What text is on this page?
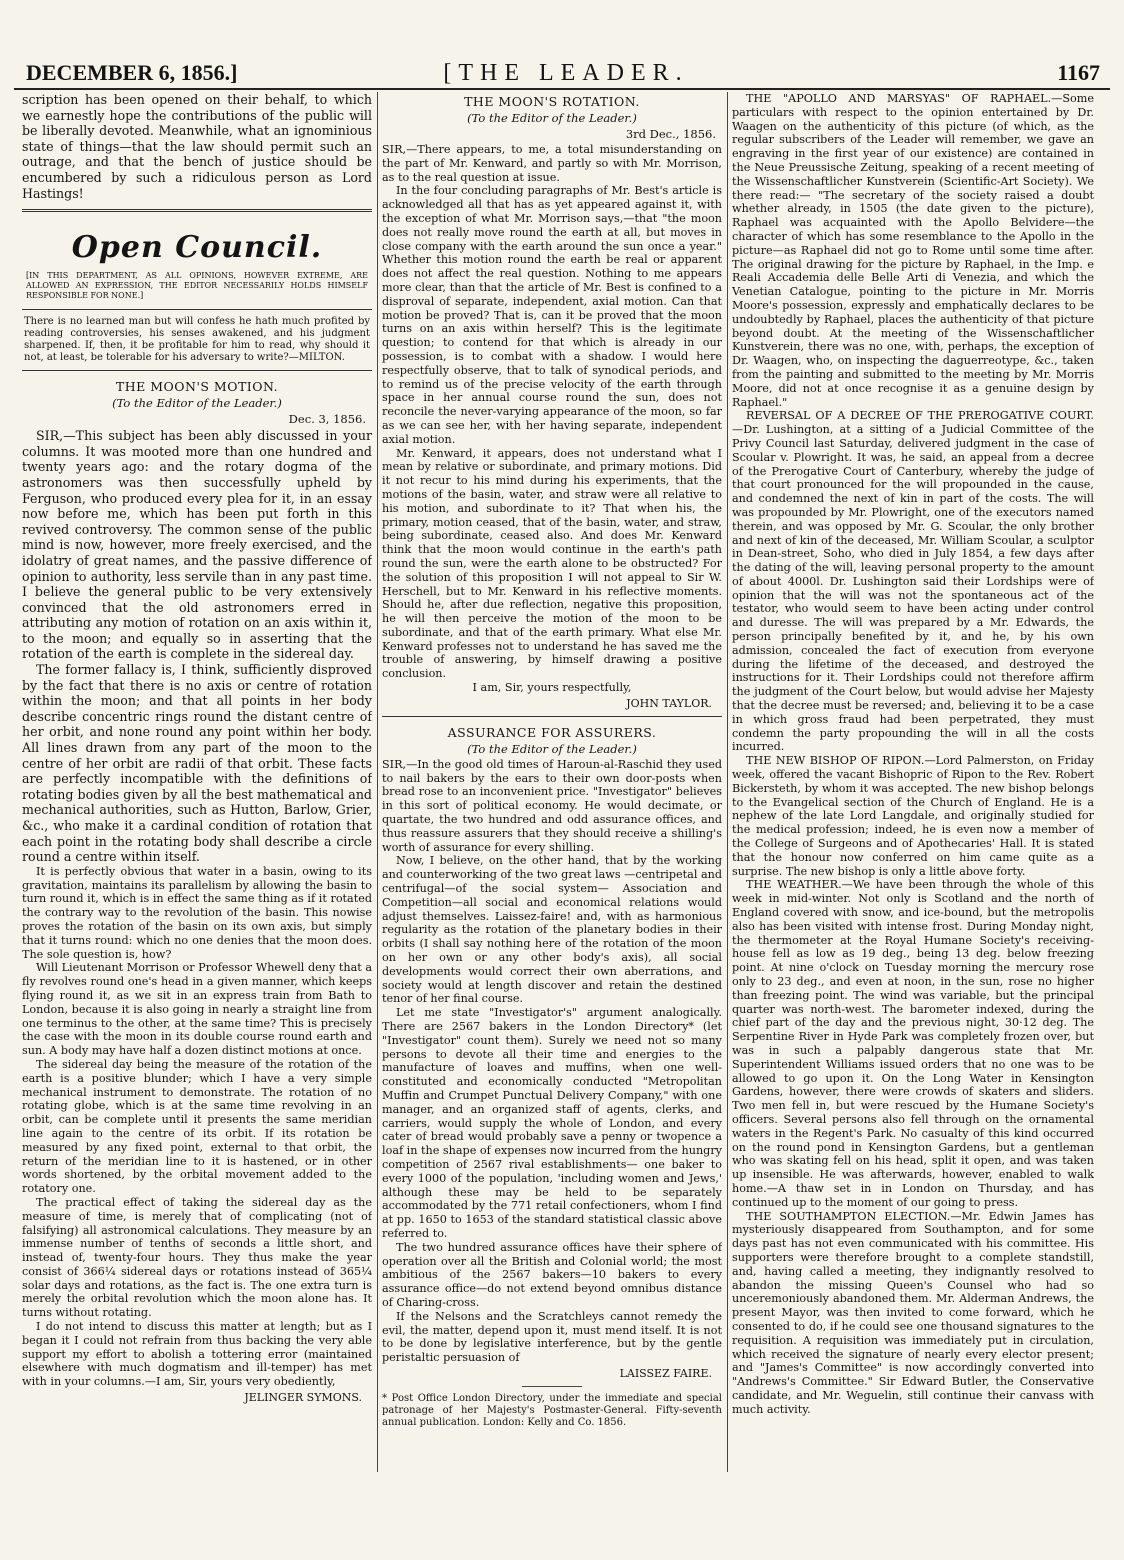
DECEMBER 6, 1856.]	[THE LEADER.	1167

scription has been opened on their behalf, to which we earnestly hope the contributions of the public will be liberally devoted. Meanwhile, what an ignominious state of things—that the law should permit such an outrage, and that the bench of justice should be encumbered by such a ridiculous person as Lord Hastings!

Open Council.
[IN THIS DEPARTMENT, AS ALL OPINIONS, HOWEVER EXTREME, ARE ALLOWED AN EXPRESSION, THE EDITOR NECESSARILY HOLDS HIMSELF RESPONSIBLE FOR NONE.]
There is no learned man but will confess he hath much profited by reading controversies, his senses awakened, and his judgment sharpened. If, then, it be profitable for him to read, why should it not, at least, be tolerable for his adversary to write?—MILTON.
THE MOON'S MOTION.
(To the Editor of the Leader.)
Dec. 3, 1856.

SIR,—This subject has been ably discussed in your columns. It was mooted more than one hundred and twenty years ago: and the rotary dogma of the astronomers was then successfully upheld by Ferguson, who produced every plea for it, in an essay now before me, which has been put forth in this revived controversy. The common sense of the public mind is now, however, more freely exercised, and the idolatry of great names, and the passive difference of opinion to authority, less servile than in any past time. I believe the general public to be very extensively convinced that the old astronomers erred in attributing any motion of rotation on an axis within it, to the moon; and equally so in asserting that the rotation of the earth is complete in the sidereal day.

The former fallacy is, I think, sufficiently disproved by the fact that there is no axis or centre of rotation within the moon; and that all points in her body describe concentric rings round the distant centre of her orbit, and none round any point within her body. All lines drawn from any part of the moon to the centre of her orbit are radii of that orbit. These facts are perfectly incompatible with the definitions of rotating bodies given by all the best mathematical and mechanical authorities, such as Hutton, Barlow, Grier, &c., who make it a cardinal condition of rotation that each point in the rotating body shall describe a circle round a centre within itself.

It is perfectly obvious that water in a basin, owing to its gravitation, maintains its parallelism by allowing the basin to turn round it, which is in effect the same thing as if it rotated the contrary way to the revolution of the basin. This nowise proves the rotation of the basin on its own axis, but simply that it turns round: which no one denies that the moon does. The sole question is, how?

Will Lieutenant Morrison or Professor Whewell deny that a fly revolves round one's head in a given manner, which keeps flying round it, as we sit in an express train from Bath to London, because it is also going in nearly a straight line from one terminus to the other, at the same time? This is precisely the case with the moon in its double course round earth and sun. A body may have half a dozen distinct motions at once.

The sidereal day being the measure of the rotation of the earth is a positive blunder; which I have a very simple mechanical instrument to demonstrate. The rotation of no rotating globe, which is at the same time revolving in an orbit, can be complete until it presents the same meridian line again to the centre of its orbit. If its rotation be measured by any fixed point, external to that orbit, the return of the meridian line to it is hastened, or in other words shortened, by the orbital movement added to the rotatory one.

The practical effect of taking the sidereal day as the measure of time, is merely that of complicating (not of falsifying) all astronomical calculations. They measure by an immense number of tenths of seconds a little short, and instead of, twenty-four hours. They thus make the year consist of 366¼ sidereal days or rotations instead of 365¼ solar days and rotations, as the fact is. The one extra turn is merely the orbital revolution which the moon alone has. It turns without rotating.

I do not intend to discuss this matter at length; but as I began it I could not refrain from thus backing the very able support my effort to abolish a tottering error (maintained elsewhere with much dogmatism and ill-temper) has met with in your columns.—I am, Sir, yours very obediently,

JELINGER SYMONS.
THE MOON'S ROTATION.
(To the Editor of the Leader.)
3rd Dec., 1856.

SIR,—There appears, to me, a total misunderstanding on the part of Mr. Kenward, and partly so with Mr. Morrison, as to the real question at issue.

In the four concluding paragraphs of Mr. Best's article is acknowledged all that has as yet appeared against it, with the exception of what Mr. Morrison says,—that "the moon does not really move round the earth at all, but moves in close company with the earth around the sun once a year." Whether this motion round the earth be real or apparent does not affect the real question. Nothing to me appears more clear, than that the article of Mr. Best is confined to a disproval of separate, independent, axial motion. Can that motion be proved? That is, can it be proved that the moon turns on an axis within herself? This is the legitimate question; to contend for that which is already in our possession, is to combat with a shadow. I would here respectfully observe, that to talk of synodical periods, and to remind us of the precise velocity of the earth through space in her annual course round the sun, does not reconcile the never-varying appearance of the moon, so far as we can see her, with her having separate, independent axial motion.

Mr. Kenward, it appears, does not understand what I mean by relative or subordinate, and primary motions. Did it not recur to his mind during his experiments, that the motions of the basin, water, and straw were all relative to his motion, and subordinate to it? That when his, the primary, motion ceased, that of the basin, water, and straw, being subordinate, ceased also. And does Mr. Kenward think that the moon would continue in the earth's path round the sun, were the earth alone to be obstructed? For the solution of this proposition I will not appeal to Sir W. Herschell, but to Mr. Kenward in his reflective moments. Should he, after due reflection, negative this proposition, he will then perceive the motion of the moon to be subordinate, and that of the earth primary. What else Mr. Kenward professes not to understand he has saved me the trouble of answering, by himself drawing a positive conclusion.

I am, Sir, yours respectfully,

JOHN TAYLOR.
ASSURANCE FOR ASSURERS.
(To the Editor of the Leader.)

SIR,—In the good old times of Haroun-al-Raschid they used to nail bakers by the ears to their own door-posts when bread rose to an inconvenient price. "Investigator" believes in this sort of political economy. He would decimate, or quartate, the two hundred and odd assurance offices, and thus reassure assurers that they should receive a shilling's worth of assurance for every shilling.

Now, I believe, on the other hand, that by the working and counterworking of the two great laws —centripetal and centrifugal—of the social system— Association and Competition—all social and economical relations would adjust themselves. Laissez-faire! and, with as harmonious regularity as the rotation of the planetary bodies in their orbits (I shall say nothing here of the rotation of the moon on her own or any other body's axis), all social developments would correct their own aberrations, and society would at length discover and retain the destined tenor of her final course.

Let me state "Investigator's" argument analogically. There are 2567 bakers in the London Directory* (let "Investigator" count them). Surely we need not so many persons to devote all their time and energies to the manufacture of loaves and muffins, when one well-constituted and economically conducted "Metropolitan Muffin and Crumpet Punctual Delivery Company," with one manager, and an organized staff of agents, clerks, and carriers, would supply the whole of London, and every cater of bread would probably save a penny or twopence a loaf in the shape of expenses now incurred from the hungry competition of 2567 rival establishments— one baker to every 1000 of the population, 'including women and Jews,' although these may be held to be separately accommodated by the 771 retail confectioners, whom I find at pp. 1650 to 1653 of the standard statistical classic above referred to.

The two hundred assurance offices have their sphere of operation over all the British and Colonial world; the most ambitious of the 2567 bakers—10 bakers to every assurance office—do not extend beyond omnibus distance of Charing-cross.

If the Nelsons and the Scratchleys cannot remedy the evil, the matter, depend upon it, must mend itself. It is not to be done by legislative interference, but by the gentle peristaltic persuasion of

LAISSEZ FAIRE.
* Post Office London Directory, under the immediate and special patronage of her Majesty's Postmaster-General. Fifty-seventh annual publication. London: Kelly and Co. 1856.

THE "APOLLO AND MARSYAS" OF RAPHAEL.—Some particulars with respect to the opinion entertained by Dr. Waagen on the authenticity of this picture (of which, as the regular subscribers of the Leader will remember, we gave an engraving in the first year of our existence) are contained in the Neue Preussische Zeitung, speaking of a recent meeting of the Wissenschaftlicher Kunstverein (Scientific-Art Society). We there read:— "The secretary of the society raised a doubt whether already, in 1505 (the date given to the picture), Raphael was acquainted with the Apollo Belvidere—the character of which has some resemblance to the Apollo in the picture—as Raphael did not go to Rome until some time after. The original drawing for the picture by Raphael, in the Imp. e Reali Accademia delle Belle Arti di Venezia, and which the Venetian Catalogue, pointing to the picture in Mr. Morris Moore's possession, expressly and emphatically declares to be undoubtedly by Raphael, places the authenticity of that picture beyond doubt. At the meeting of the Wissenschaftlicher Kunstverein, there was no one, with, perhaps, the exception of Dr. Waagen, who, on inspecting the daguerreotype, &c., taken from the painting and submitted to the meeting by Mr. Morris Moore, did not at once recognise it as a genuine design by Raphael."

REVERSAL OF A DECREE OF THE PREROGATIVE COURT.—Dr. Lushington, at a sitting of a Judicial Committee of the Privy Council last Saturday, delivered judgment in the case of Scoular v. Plowright. It was, he said, an appeal from a decree of the Prerogative Court of Canterbury, whereby the judge of that court pronounced for the will propounded in the cause, and condemned the next of kin in part of the costs. The will was propounded by Mr. Plowright, one of the executors named therein, and was opposed by Mr. G. Scoular, the only brother and next of kin of the deceased, Mr. William Scoular, a sculptor in Dean-street, Soho, who died in July 1854, a few days after the dating of the will, leaving personal property to the amount of about 4000l. Dr. Lushington said their Lordships were of opinion that the will was not the spontaneous act of the testator, who would seem to have been acting under control and duresse. The will was prepared by a Mr. Edwards, the person principally benefited by it, and he, by his own admission, concealed the fact of execution from everyone during the lifetime of the deceased, and destroyed the instructions for it. Their Lordships could not therefore affirm the judgment of the Court below, but would advise her Majesty that the decree must be reversed; and, believing it to be a case in which gross fraud had been perpetrated, they must condemn the party propounding the will in all the costs incurred.

THE NEW BISHOP OF RIPON.—Lord Palmerston, on Friday week, offered the vacant Bishopric of Ripon to the Rev. Robert Bickersteth, by whom it was accepted. The new bishop belongs to the Evangelical section of the Church of England. He is a nephew of the late Lord Langdale, and originally studied for the medical profession; indeed, he is even now a member of the College of Surgeons and of Apothecaries' Hall. It is stated that the honour now conferred on him came quite as a surprise. The new bishop is only a little above forty.

THE WEATHER.—We have been through the whole of this week in mid-winter. Not only is Scotland and the north of England covered with snow, and ice-bound, but the metropolis also has been visited with intense frost. During Monday night, the thermometer at the Royal Humane Society's receiving-house fell as low as 19 deg., being 13 deg. below freezing point. At nine o'clock on Tuesday morning the mercury rose only to 23 deg., and even at noon, in the sun, rose no higher than freezing point. The wind was variable, but the principal quarter was north-west. The barometer indexed, during the chief part of the day and the previous night, 30·12 deg. The Serpentine River in Hyde Park was completely frozen over, but was in such a palpably dangerous state that Mr. Superintendent Williams issued orders that no one was to be allowed to go upon it. On the Long Water in Kensington Gardens, however, there were crowds of skaters and sliders. Two men fell in, but were rescued by the Humane Society's officers. Several persons also fell through on the ornamental waters in the Regent's Park. No casualty of this kind occurred on the round pond in Kensington Gardens, but a gentleman who was skating fell on his head, split it open, and was taken up insensible. He was afterwards, however, enabled to walk home.—A thaw set in in London on Thursday, and has continued up to the moment of our going to press.

THE SOUTHAMPTON ELECTION.—Mr. Edwin James has mysteriously disappeared from Southampton, and for some days past has not even communicated with his committee. His supporters were therefore brought to a complete standstill, and, having called a meeting, they indignantly resolved to abandon the missing Queen's Counsel who had so unceremoniously abandoned them. Mr. Alderman Andrews, the present Mayor, was then invited to come forward, which he consented to do, if he could see one thousand signatures to the requisition. A requisition was immediately put in circulation, which received the signature of nearly every elector present; and "James's Committee" is now accordingly converted into "Andrews's Committee." Sir Edward Butler, the Conservative candidate, and Mr. Weguelin, still continue their canvass with much activity.
